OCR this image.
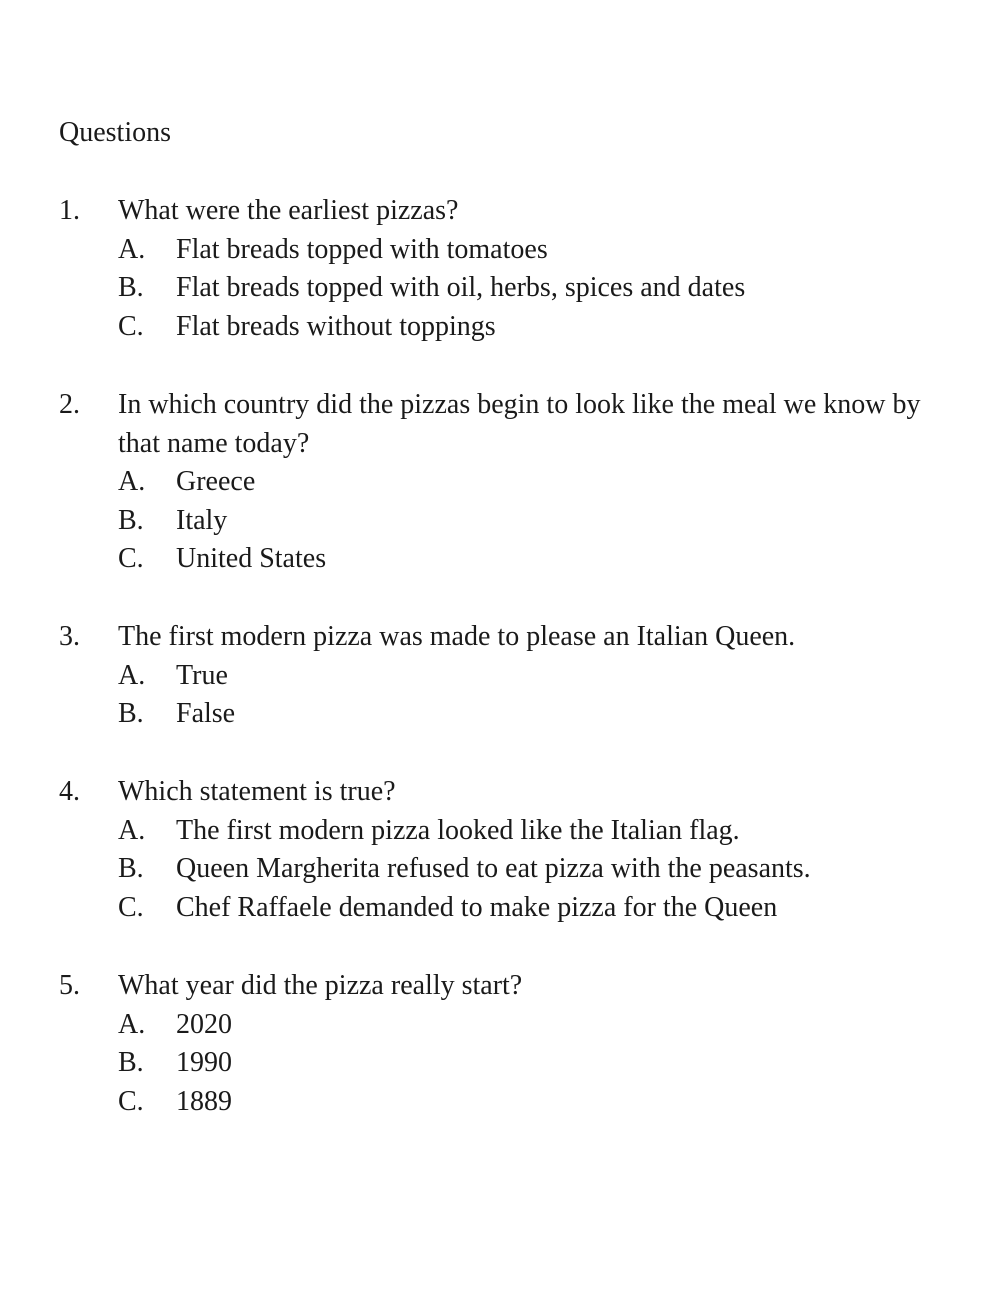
Questions
1. What were the earliest pizzas?
A. Flat breads topped with tomatoes
B. Flat breads topped with oil, herbs, spices and dates
C. Flat breads without toppings
2. In which country did the pizzas begin to look like the meal we know by that name today?
A. Greece
B. Italy
C. United States
3. The first modern pizza was made to please an Italian Queen.
A. True
B. False
4. Which statement is true?
A. The first modern pizza looked like the Italian flag.
B. Queen Margherita refused to eat pizza with the peasants.
C. Chef Raffaele demanded to make pizza for the Queen
5. What year did the pizza really start?
A. 2020
B. 1990
C. 1889
